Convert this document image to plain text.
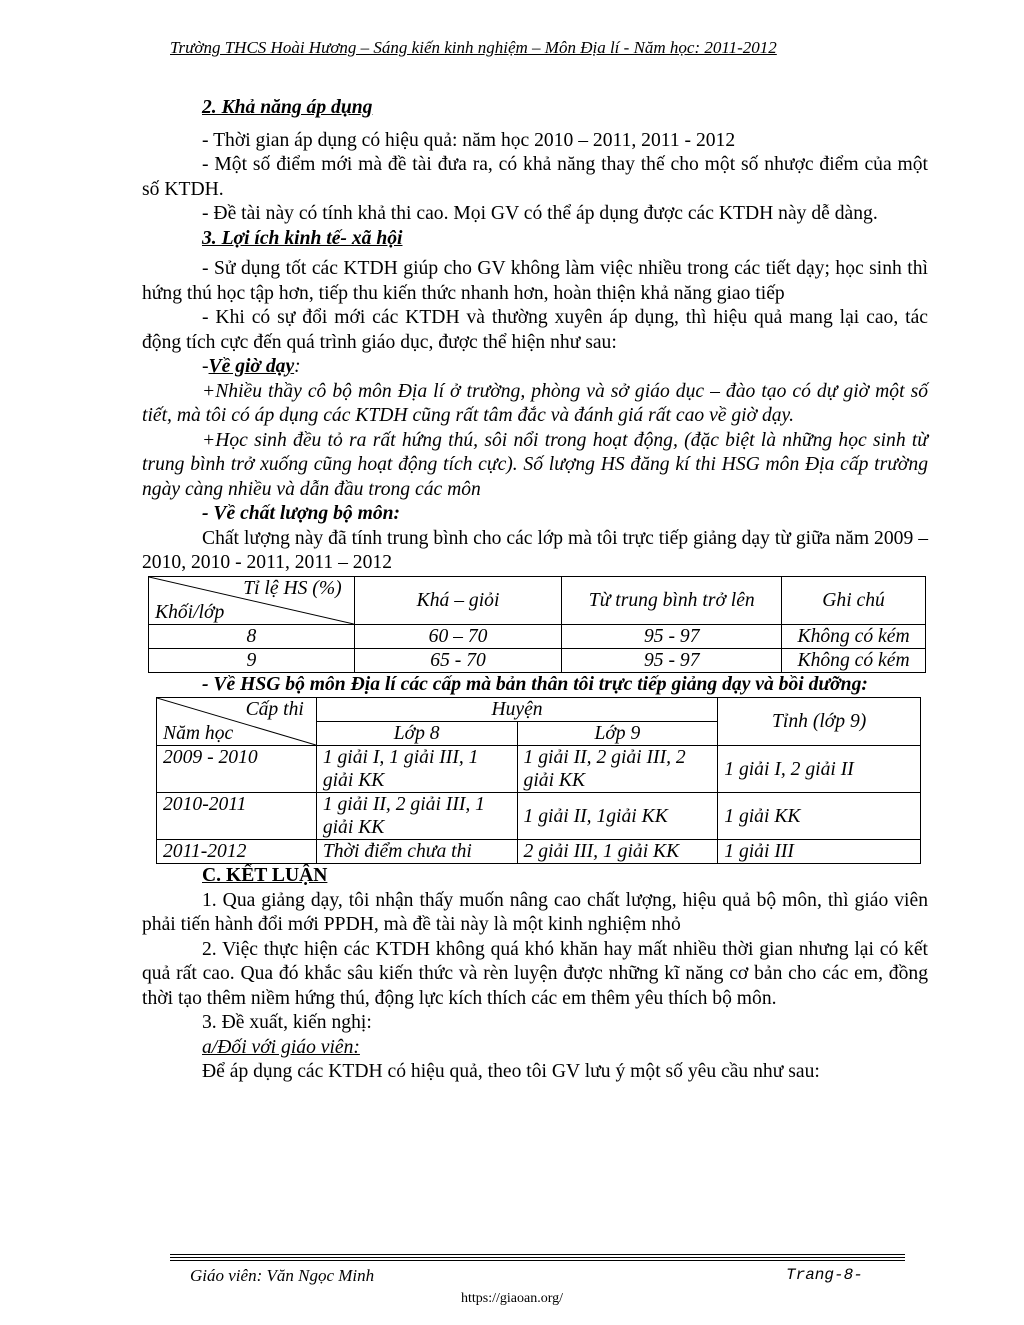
Trường THCS Hoài Hương – Sáng kiến kinh nghiệm – Môn Địa lí - Năm học: 2011-2012

2. Khả năng áp dụng

- Thời gian áp dụng có hiệu quả: năm học 2010 – 2011, 2011 - 2012

- Một số điểm mới mà đề tài đưa ra, có khả năng thay thế cho một số nhược điểm của một số KTDH.

- Đề tài này có tính khả thi cao. Mọi GV có thể áp dụng được các KTDH này dễ dàng.

3. Lợi ích kinh tế- xã hội

- Sử dụng tốt các KTDH giúp cho GV không làm việc nhiều trong các tiết dạy; học sinh thì hứng thú học tập hơn, tiếp thu kiến thức nhanh hơn, hoàn thiện khả năng giao tiếp

- Khi có sự đổi mới các KTDH và thường xuyên áp dụng, thì hiệu quả mang lại cao, tác động tích cực đến quá trình giáo dục, được thể hiện như sau:

-Về giờ dạy:

+Nhiều thầy cô bộ môn Địa lí ở trường, phòng và sở giáo dục – đào tạo có dự giờ một số tiết, mà tôi có áp dụng các KTDH cũng rất tâm đắc và đánh giá rất cao về giờ dạy.

+Học sinh đều tỏ ra rất hứng thú, sôi nổi trong hoạt động, (đặc biệt là những học sinh từ trung bình trở xuống cũng hoạt động tích cực). Số lượng HS đăng kí thi HSG môn Địa cấp trường ngày càng nhiều và dẫn đầu trong các môn

- Về chất lượng bộ môn:

Chất lượng này đã tính trung bình cho các lớp mà tôi trực tiếp giảng dạy từ giữa năm 2009 – 2010, 2010 - 2011, 2011 – 2012

Tỉ lệ HS (%)
Khối/lớp	Khá – giỏi	Từ trung bình trở lên	Ghi chú
8	60 – 70	95 - 97	Không có kém
9	65 - 70	95 - 97	Không có kém

- Về HSG bộ môn Địa lí các cấp mà bản thân tôi trực tiếp giảng dạy và bồi dưỡng:

Cấp thi
Năm học	Huyện		Tỉnh (lớp 9)
	Lớp 8	Lớp 9	
2009 - 2010	1 giải I, 1 giải III, 1 giải KK	1 giải II, 2 giải III, 2 giải KK	1 giải I, 2 giải II
2010-2011	1 giải II, 2 giải III, 1 giải KK	1 giải II, 1giải KK	1 giải KK
2011-2012	Thời điểm chưa thi	2 giải III, 1 giải KK	1 giải III

C. KẾT LUẬN

1. Qua giảng dạy, tôi nhận thấy muốn nâng cao chất lượng, hiệu quả bộ môn, thì giáo viên phải tiến hành đổi mới PPDH, mà đề tài này là một kinh nghiệm nhỏ

2. Việc thực hiện các KTDH không quá khó khăn hay mất nhiều thời gian nhưng lại có kết quả rất cao. Qua đó khắc sâu kiến thức và rèn luyện được những kĩ năng cơ bản cho các em, đồng thời tạo thêm niềm hứng thú, động lực kích thích các em thêm yêu thích bộ môn.

3. Đề xuất, kiến nghị:

a/Đối với giáo viên:

Để áp dụng các KTDH có hiệu quả, theo tôi GV lưu ý một số yêu cầu như sau:

Giáo viên: Văn Ngọc Minh	Trang-8-
https://giaoan.org/
